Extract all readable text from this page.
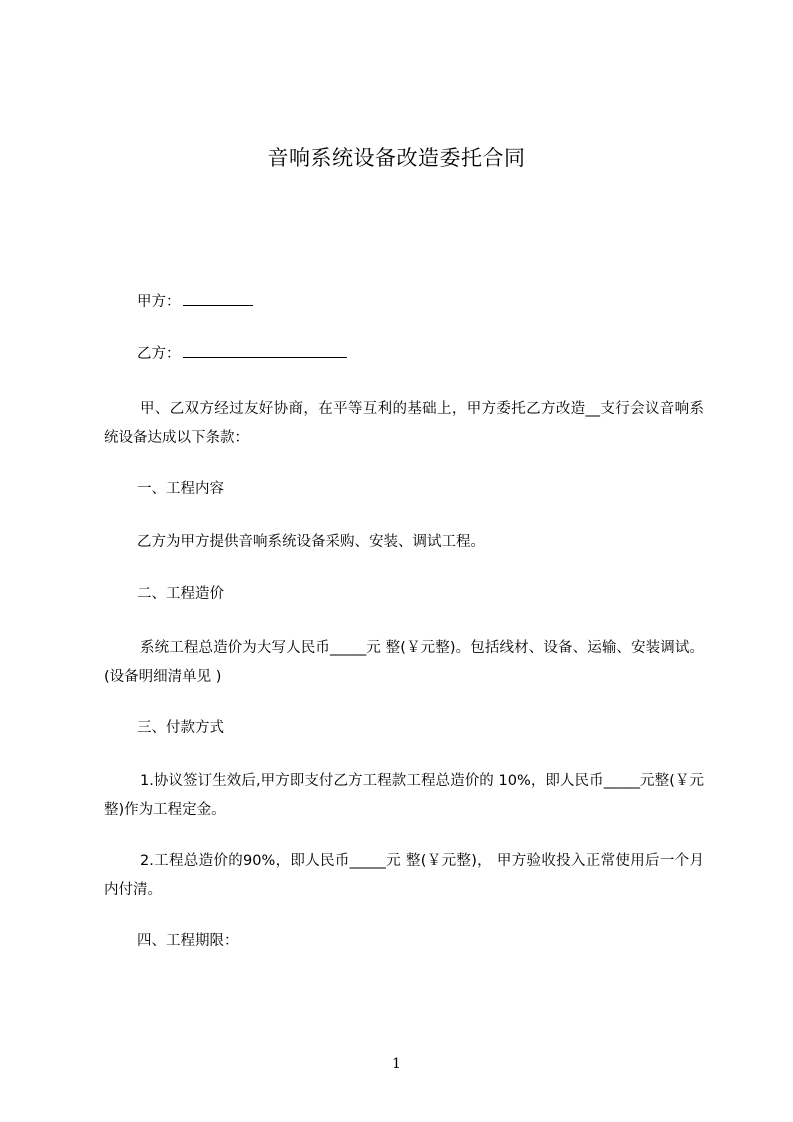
音响系统设备改造委托合同
甲方：
乙方：
甲、乙双方经过友好协商，在平等互利的基础上，甲方委托乙方改造__支行会议音响系统设备达成以下条款：
一、工程内容
乙方为甲方提供音响系统设备采购、安装、调试工程。
二、工程造价
系统工程总造价为大写人民币_____元 整(￥元整)。包括线材、设备、运输、安装调试。(设备明细清单见 )
三、付款方式
1.协议签订生效后,甲方即支付乙方工程款工程总造价的 10%，即人民币_____元整(￥元整)作为工程定金。
2.工程总造价的90%，即人民币_____元 整(￥元整)， 甲方验收投入正常使用后一个月内付清。
四、工程期限：
1
